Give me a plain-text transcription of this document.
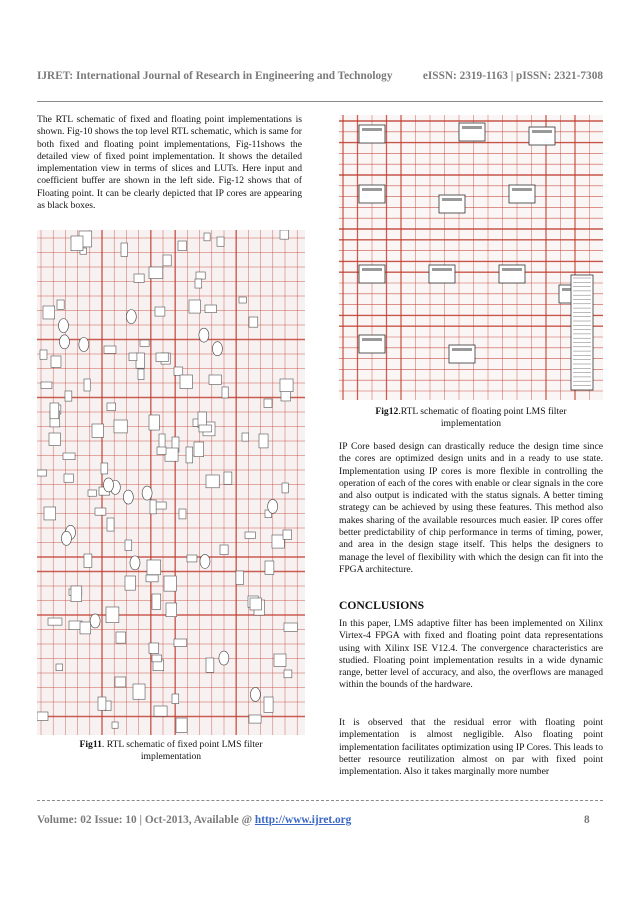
IJRET: International Journal of Research in Engineering and Technology	eISSN: 2319-1163 | pISSN: 2321-7308

The RTL schematic of fixed and floating point implementations is shown. Fig-10 shows the top level RTL schematic, which is same for both fixed and floating point implementations, Fig-11shows the detailed view of fixed point implementation. It shows the detailed implementation view in terms of slices and LUTs. Here input and coefficient buffer are shown in the left side. Fig-12 shows that of Floating point. It can be clearly depicted that IP cores are appearing as black boxes.

Fig11. RTL schematic of fixed point LMS filter implementation
Fig12.RTL schematic of floating point LMS filter implementation

IP Core based design can drastically reduce the design time since the cores are optimized design units and in a ready to use state. Implementation using IP cores is more flexible in controlling the operation of each of the cores with enable or clear signals in the core and also output is indicated with the status signals. A better timing strategy can be achieved by using these features. This method also makes sharing of the available resources much easier. IP cores offer better predictability of chip performance in terms of timing, power, and area in the design stage itself. This helps the designers to manage the level of flexibility with which the design can fit into the FPGA architecture.

CONCLUSIONS

In this paper, LMS adaptive filter has been implemented on Xilinx Virtex-4 FPGA with fixed and floating point data representations using with Xilinx ISE V12.4. The convergence characteristics are studied. Floating point implementation results in a wide dynamic range, better level of accuracy, and also, the overflows are managed within the bounds of the hardware.

It is observed that the residual error with floating point implementation is almost negligible. Also floating point implementation facilitates optimization using IP Cores. This leads to better resource reutilization almost on par with fixed point implementation. Also it takes marginally more number

Volume: 02 Issue: 10 | Oct-2013, Available @ http://www.ijret.org	8
